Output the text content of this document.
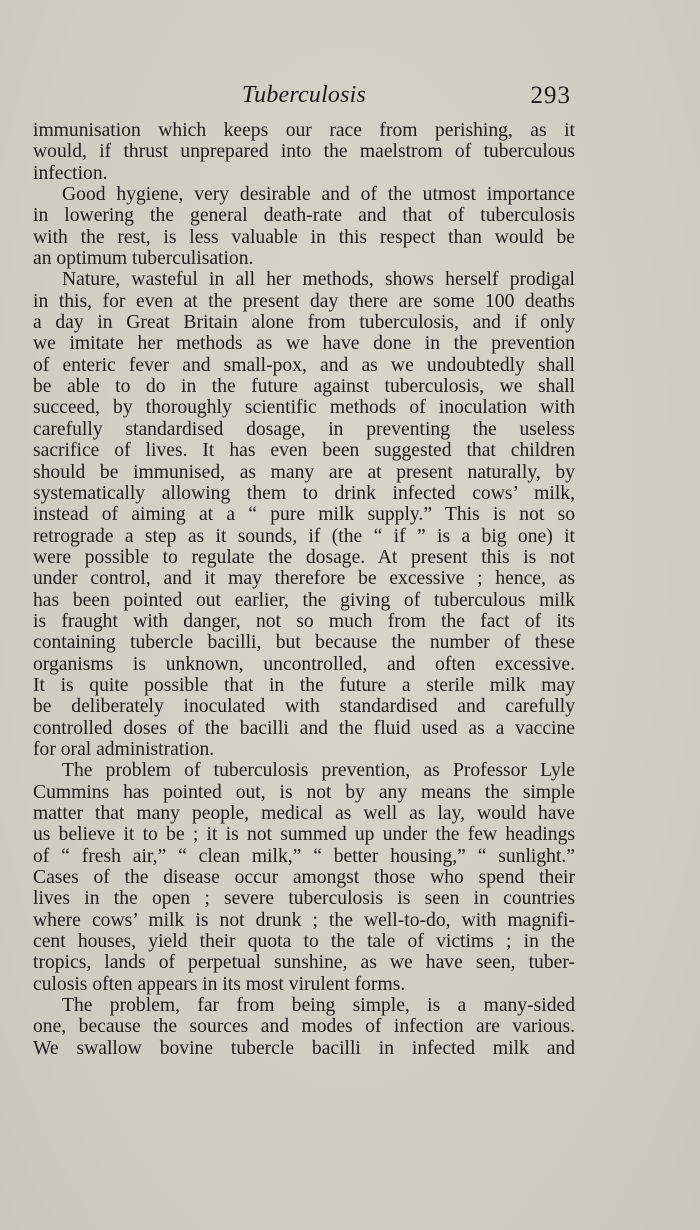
Tuberculosis	293
immunisation which keeps our race from perishing, as it
would, if thrust unprepared into the maelstrom of tuberculous
infection.
Good hygiene, very desirable and of the utmost importance
in lowering the general death-rate and that of tuberculosis
with the rest, is less valuable in this respect than would be
an optimum tuberculisation.
Nature, wasteful in all her methods, shows herself prodigal
in this, for even at the present day there are some 100 deaths
a day in Great Britain alone from tuberculosis, and if only
we imitate her methods as we have done in the prevention
of enteric fever and small-pox, and as we undoubtedly shall
be able to do in the future against tuberculosis, we shall
succeed, by thoroughly scientific methods of inoculation with
carefully standardised dosage, in preventing the useless
sacrifice of lives. It has even been suggested that children
should be immunised, as many are at present naturally, by
systematically allowing them to drink infected cows’ milk,
instead of aiming at a “ pure milk supply.” This is not so
retrograde a step as it sounds, if (the “ if ” is a big one) it
were possible to regulate the dosage. At present this is not
under control, and it may therefore be excessive ; hence, as
has been pointed out earlier, the giving of tuberculous milk
is fraught with danger, not so much from the fact of its
containing tubercle bacilli, but because the number of these
organisms is unknown, uncontrolled, and often excessive.
It is quite possible that in the future a sterile milk may
be deliberately inoculated with standardised and carefully
controlled doses of the bacilli and the fluid used as a vaccine
for oral administration.
The problem of tuberculosis prevention, as Professor Lyle
Cummins has pointed out, is not by any means the simple
matter that many people, medical as well as lay, would have
us believe it to be ; it is not summed up under the few headings
of “ fresh air,” “ clean milk,” “ better housing,” “ sunlight.”
Cases of the disease occur amongst those who spend their
lives in the open ; severe tuberculosis is seen in countries
where cows’ milk is not drunk ; the well-to-do, with magnifi-
cent houses, yield their quota to the tale of victims ; in the
tropics, lands of perpetual sunshine, as we have seen, tuber-
culosis often appears in its most virulent forms.
The problem, far from being simple, is a many-sided
one, because the sources and modes of infection are various.
We swallow bovine tubercle bacilli in infected milk and
